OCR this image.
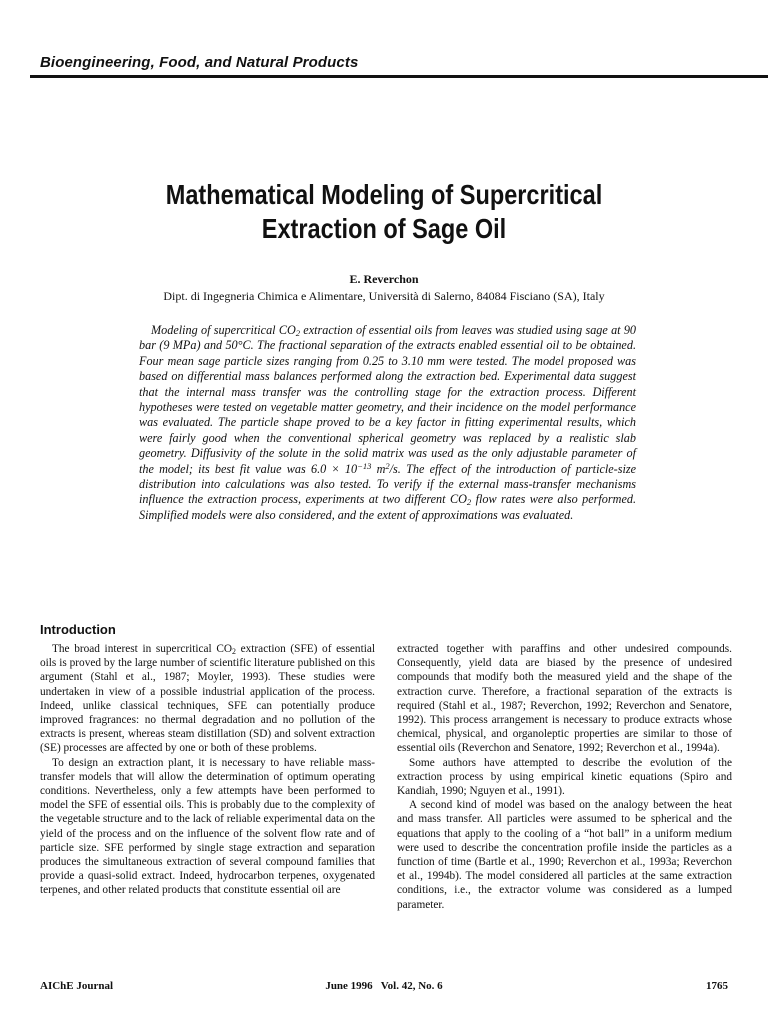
Bioengineering, Food, and Natural Products
Mathematical Modeling of Supercritical
Extraction of Sage Oil
E. Reverchon
Dipt. di Ingegneria Chimica e Alimentare, Università di Salerno, 84084 Fisciano (SA), Italy

Modeling of supercritical $CO_2$ extraction of essential oils from leaves was studied using sage at 90 bar (9 MPa) and 50°C. The fractional separation of the extracts enabled essential oil to be obtained. Four mean sage particle sizes ranging from 0.25 to 3.10 mm were tested. The model proposed was based on differential mass balances performed along the extraction bed. Experimental data suggest that the internal mass transfer was the controlling stage for the extraction process. Different hypotheses were tested on vegetable matter geometry, and their incidence on the model performance was evaluated. The particle shape proved to be a key factor in fitting experimental results, which were fairly good when the conventional spherical geometry was replaced by a realistic slab geometry. Diffusivity of the solute in the solid matrix was used as the only adjustable parameter of the model; its best fit value was $6.0 \times 10^{-13}$ $m^2/s$. The effect of the introduction of particle-size distribution into calculations was also tested. To verify if the external mass-transfer mechanisms influence the extraction process, experiments at two different $CO_2$ flow rates were also performed. Simplified models were also considered, and the extent of approximations was evaluated.

Introduction

The broad interest in supercritical $CO_2$ extraction (SFE) of essential oils is proved by the large number of scientific literature published on this argument (Stahl et al., 1987; Moyler, 1993). These studies were undertaken in view of a possible industrial application of the process. Indeed, unlike classical techniques, SFE can potentially produce improved fragrances: no thermal degradation and no pollution of the extracts is present, whereas steam distillation (SD) and solvent extraction (SE) processes are affected by one or both of these problems.

To design an extraction plant, it is necessary to have reliable mass-transfer models that will allow the determination of optimum operating conditions. Nevertheless, only a few attempts have been performed to model the SFE of essential oils. This is probably due to the complexity of the vegetable structure and to the lack of reliable experimental data on the yield of the process and on the influence of the solvent flow rate and of particle size. SFE performed by single stage extraction and separation produces the simultaneous extraction of several compound families that provide a quasi-solid extract. Indeed, hydrocarbon terpenes, oxygenated terpenes, and other related products that constitute essential oil are

extracted together with paraffins and other undesired compounds. Consequently, yield data are biased by the presence of undesired compounds that modify both the measured yield and the shape of the extraction curve. Therefore, a fractional separation of the extracts is required (Stahl et al., 1987; Reverchon, 1992; Reverchon and Senatore, 1992). This process arrangement is necessary to produce extracts whose chemical, physical, and organoleptic properties are similar to those of essential oils (Reverchon and Senatore, 1992; Reverchon et al., 1994a).

Some authors have attempted to describe the evolution of the extraction process by using empirical kinetic equations (Spiro and Kandiah, 1990; Nguyen et al., 1991).

A second kind of model was based on the analogy between the heat and mass transfer. All particles were assumed to be spherical and the equations that apply to the cooling of a “hot ball” in a uniform medium were used to describe the concentration profile inside the particles as a function of time (Bartle et al., 1990; Reverchon et al., 1993a; Reverchon et al., 1994b). The model considered all particles at the same extraction conditions, i.e., the extractor volume was considered as a lumped parameter.

AIChE Journal	June 1996   Vol. 42, No. 6	1765
